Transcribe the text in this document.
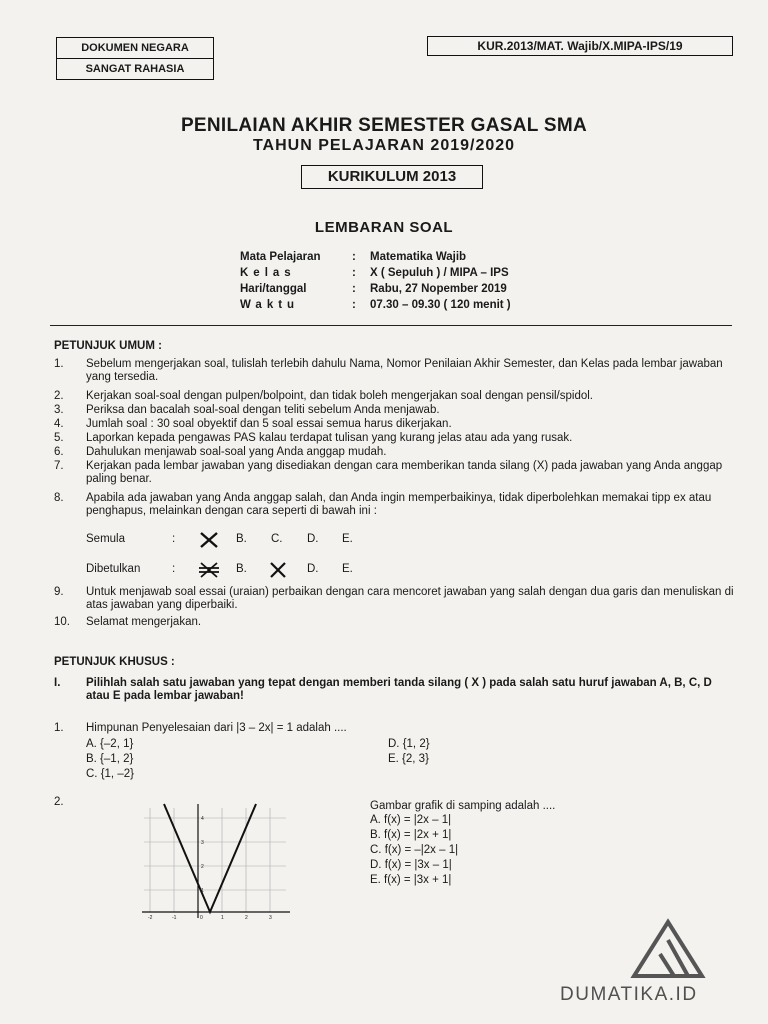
DOKUMEN NEGARA
SANGAT RAHASIA
KUR.2013/MAT. Wajib/X.MIPA-IPS/19
PENILAIAN AKHIR SEMESTER GASAL SMA
TAHUN PELAJARAN 2019/2020
KURIKULUM 2013
LEMBARAN SOAL
Mata Pelajaran	:	Matematika Wajib
Kelas	:	X ( Sepuluh ) / MIPA – IPS
Hari/tanggal	:	Rabu, 27 Nopember 2019
Waktu	:	07.30 – 09.30 ( 120 menit )
PETUNJUK UMUM :
1. Sebelum mengerjakan soal, tulislah terlebih dahulu Nama, Nomor Penilaian Akhir Semester, dan Kelas pada lembar jawaban yang tersedia.
2. Kerjakan soal-soal dengan pulpen/bolpoint, dan tidak boleh mengerjakan soal dengan pensil/spidol.
3. Periksa dan bacalah soal-soal dengan teliti sebelum Anda menjawab.
4. Jumlah soal : 30 soal obyektif dan 5 soal essai semua harus dikerjakan.
5. Laporkan kepada pengawas PAS kalau terdapat tulisan yang kurang jelas atau ada yang rusak.
6. Dahulukan menjawab soal-soal yang Anda anggap mudah.
7. Kerjakan pada lembar jawaban yang disediakan dengan cara memberikan tanda silang (X) pada jawaban yang Anda anggap paling benar.
8. Apabila ada jawaban yang Anda anggap salah, dan Anda ingin memperbaikinya, tidak diperbolehkan memakai tipp ex atau penghapus, melainkan dengan cara seperti di bawah ini :
Semula	:	B. C. D. E.
Dibetulkan	:	B.	D. E.
9. Untuk menjawab soal essai (uraian) perbaikan dengan cara mencoret jawaban yang salah dengan dua garis dan menuliskan di atas jawaban yang diperbaiki.
10. Selamat mengerjakan.
PETUNJUK KHUSUS :
I. Pilihlah salah satu jawaban yang tepat dengan memberi tanda silang ( X ) pada salah satu huruf jawaban A, B, C, D atau E pada lembar jawaban!
1. Himpunan Penyelesaian dari |3 – 2x| = 1 adalah ....
A. {–2, 1}
B. {–1, 2}
C. {1, –2}
D. {1, 2}
E. {2, 3}
2.
-2	-1	0	1	2	3
1
2
3
4
Gambar grafik di samping adalah ....
A. f(x) = |2x – 1|
B. f(x) = |2x + 1|
C. f(x) = –|2x – 1|
D. f(x) = |3x – 1|
E. f(x) = |3x + 1|
DUMATIKA.ID
